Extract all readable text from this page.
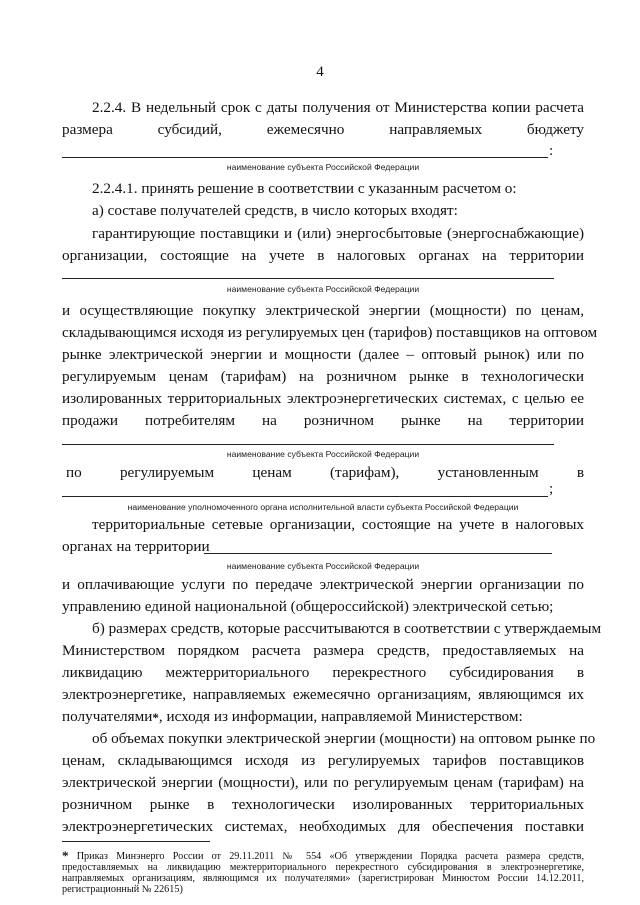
4
2.2.4. В недельный срок с даты получения от Министерства копии расчета
размера субсидий, ежемесячно направляемых бюджету
:
наименование субъекта Российской Федерации
2.2.4.1. принять решение в соответствии с указанным расчетом о:
а) составе получателей средств, в число которых входят:
гарантирующие поставщики и (или) энергосбытовые (энергоснабжающие)
организации, состоящие на учете в налоговых органах на территории
наименование субъекта Российской Федерации
и осуществляющие покупку электрической энергии (мощности) по ценам,
складывающимся исходя из регулируемых цен (тарифов) поставщиков на оптовом
рынке электрической энергии и мощности (далее – оптовый рынок) или по
регулируемым ценам (тарифам) на розничном рынке в технологически
изолированных территориальных электроэнергетических системах, с целью ее
продажи потребителям на розничном рынке на территории
наименование субъекта Российской Федерации
по регулируемым ценам (тарифам), установленным в
;
наименование уполномоченного органа исполнительной власти субъекта Российской Федерации
территориальные сетевые организации, состоящие на учете в налоговых
органах на территории
наименование субъекта Российской Федерации
и оплачивающие услуги по передаче электрической энергии организации по
управлению единой национальной (общероссийской) электрической сетью;
б) размерах средств, которые рассчитываются в соответствии с утверждаемым
Министерством порядком расчета размера средств, предоставляемых на
ликвидацию межтерриториального перекрестного субсидирования в
электроэнергетике, направляемых ежемесячно организациям, являющимся их
получателями*, исходя из информации, направляемой Министерством:
об объемах покупки электрической энергии (мощности) на оптовом рынке по
ценам, складывающимся исходя из регулируемых тарифов поставщиков
электрической энергии (мощности), или по регулируемым ценам (тарифам) на
розничном рынке в технологически изолированных территориальных
электроэнергетических системах, необходимых для обеспечения поставки
* Приказ Минэнерго России от 29.11.2011 № 554 «Об утверждении Порядка расчета размера средств,
предоставляемых на ликвидацию межтерриториального перекрестного субсидирования в электроэнергетике,
направляемых организациям, являющимся их получателями» (зарегистрирован Минюстом России 14.12.2011,
регистрационный № 22615)
